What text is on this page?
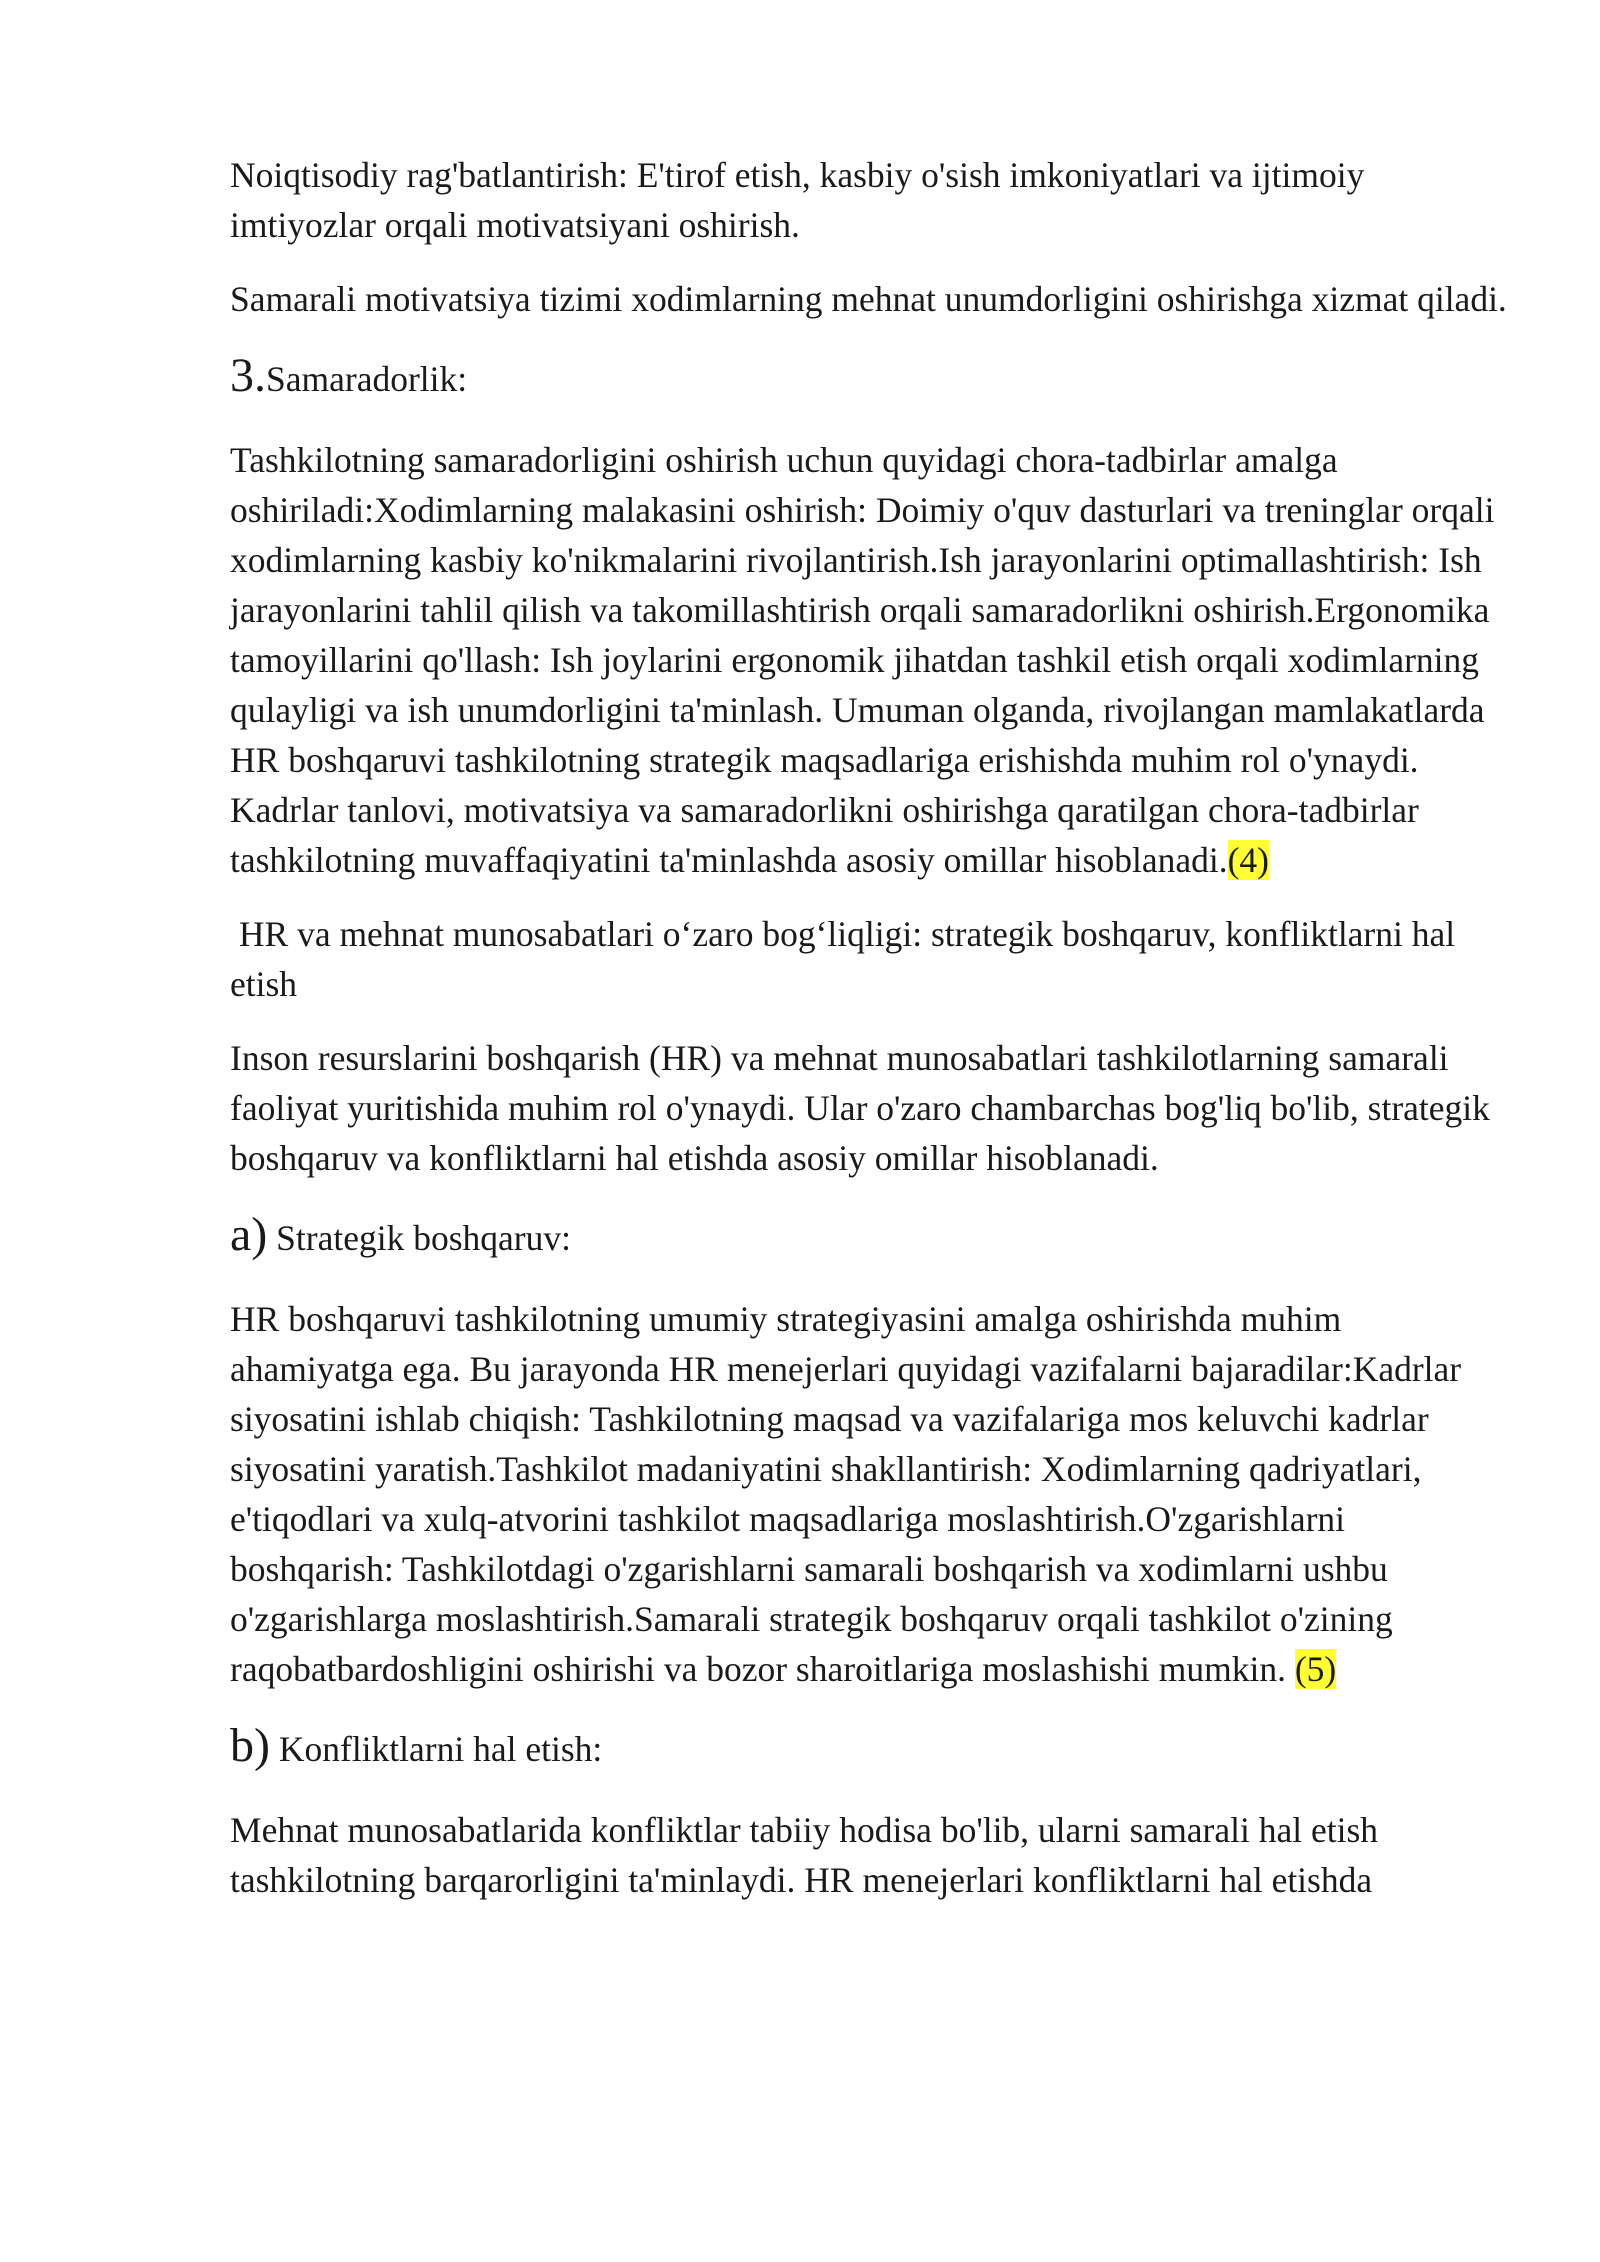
Noiqtisodiy rag'batlantirish: E'tirof etish, kasbiy o'sish imkoniyatlari va ijtimoiy imtiyozlar orqali motivatsiyani oshirish.

Samarali motivatsiya tizimi xodimlarning mehnat unumdorligini oshirishga xizmat qiladi.

3.Samaradorlik:

Tashkilotning samaradorligini oshirish uchun quyidagi chora-tadbirlar amalga oshiriladi:Xodimlarning malakasini oshirish: Doimiy o'quv dasturlari va treninglar orqali xodimlarning kasbiy ko'nikmalarini rivojlantirish.Ish jarayonlarini optimallashtirish: Ish jarayonlarini tahlil qilish va takomillashtirish orqali samaradorlikni oshirish.Ergonomika tamoyillarini qo'llash: Ish joylarini ergonomik jihatdan tashkil etish orqali xodimlarning qulayligi va ish unumdorligini ta'minlash. Umuman olganda, rivojlangan mamlakatlarda HR boshqaruvi tashkilotning strategik maqsadlariga erishishda muhim rol o'ynaydi. Kadrlar tanlovi, motivatsiya va samaradorlikni oshirishga qaratilgan chora-tadbirlar tashkilotning muvaffaqiyatini ta'minlashda asosiy omillar hisoblanadi.(4)

HR va mehnat munosabatlari o‘zaro bog‘liqligi: strategik boshqaruv, konfliktlarni hal etish

Inson resurslarini boshqarish (HR) va mehnat munosabatlari tashkilotlarning samarali faoliyat yuritishida muhim rol o'ynaydi. Ular o'zaro chambarchas bog'liq bo'lib, strategik boshqaruv va konfliktlarni hal etishda asosiy omillar hisoblanadi.

a) Strategik boshqaruv:

HR boshqaruvi tashkilotning umumiy strategiyasini amalga oshirishda muhim ahamiyatga ega. Bu jarayonda HR menejerlari quyidagi vazifalarni bajaradilar:Kadrlar siyosatini ishlab chiqish: Tashkilotning maqsad va vazifalariga mos keluvchi kadrlar siyosatini yaratish.Tashkilot madaniyatini shakllantirish: Xodimlarning qadriyatlari, e'tiqodlari va xulq-atvorini tashkilot maqsadlariga moslashtirish.O'zgarishlarni boshqarish: Tashkilotdagi o'zgarishlarni samarali boshqarish va xodimlarni ushbu o'zgarishlarga moslashtirish.Samarali strategik boshqaruv orqali tashkilot o'zining raqobatbardoshligini oshirishi va bozor sharoitlariga moslashishi mumkin. (5)

b) Konfliktlarni hal etish:

Mehnat munosabatlarida konfliktlar tabiiy hodisa bo'lib, ularni samarali hal etish tashkilotning barqarorligini ta'minlaydi. HR menejerlari konfliktlarni hal etishda
